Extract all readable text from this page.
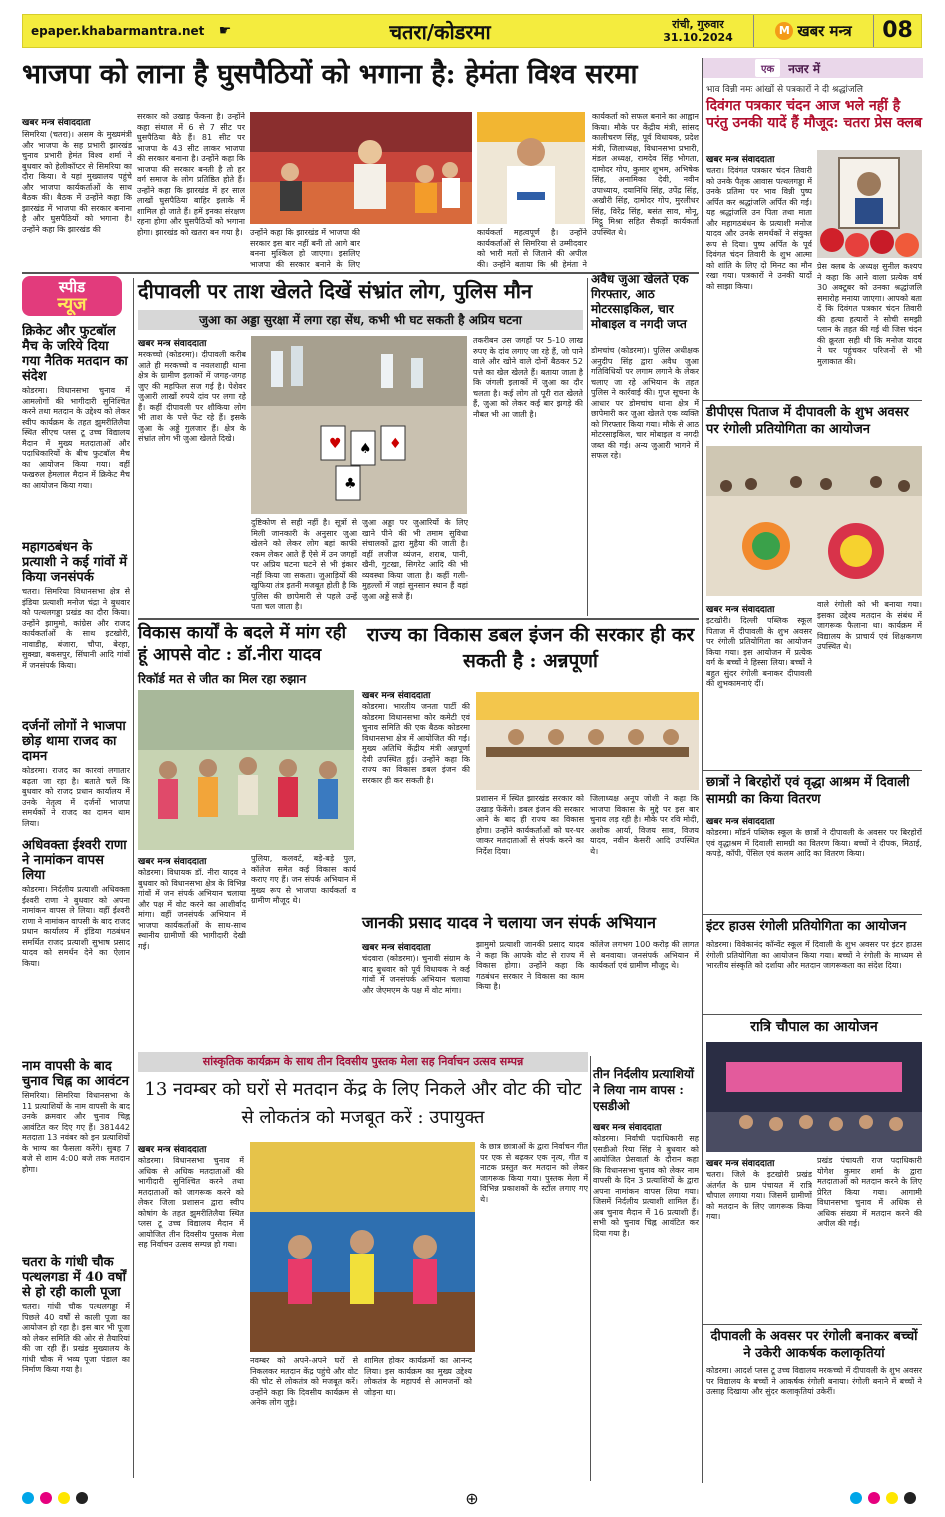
epaper.khabarmantra.net	☛	चतरा/कोडरमा	रांची, गुरुवार
31.10.2024
M खबर मन्त्र	08
भाजपा को लाना है घुसपैठियों को भगाना है: हेमंता विश्व सरमा
खबर मन्त्र संवाददाता
सिमरिया (चतरा)। असम के मुख्यमंत्री और भाजपा के सह प्रभारी झारखंड चुनाव प्रभारी हेमंत विश्व शर्मा ने बुधवार को हेलीकॉप्टर से सिमरिया का दौरा किया। वे यहां मुख्यालय पहुंचे और भाजपा कार्यकर्ताओं के साथ बैठक की। बैठक में उन्होंने कहा कि झारखंड में भाजपा की सरकार बनाना है और घुसपैठियों को भगाना है। उन्होंने कहा कि झारखंड की
सरकार को उखाड़ फेंकना है। उन्होंने कहा संथाल में 6 से 7 सीट पर घुसपैठिया बैठे हैं। 81 सीट पर भाजपा के 43 सीट लाकर भाजपा की सरकार बनाना है। उन्होंने कहा कि भाजपा की सरकार बनती है तो हर वर्ग समाज के लोग प्रतिष्ठित होते हैं। उन्होंने कहा कि झारखंड में हर साल लाखों घुसपैठिया बाहिर इलाके में शामिल हो जाते हैं। हमें इनका संरक्षण रहना होगा और घुसपैठियों को भगाना होगा। झारखंड को खतरा बन गया है। उन्होंने कहा कि झारखंड में भाजपा की सरकार इस बार नहीं बनी तो आगे बार बनना मुश्किल हो जाएगा। इसलिए भाजपा की सरकार बनाने के लिए
कार्यकर्ता महत्वपूर्ण है। उन्होंने कार्यकर्ताओं से सिमरिया से उम्मीदवार को भारी मतों से जिताने की अपील की। उन्होंने बताया कि श्री हेमंता ने
कार्यकर्ता को सफल बनाने का आह्वान किया। मौके पर केंद्रीय मंत्री, सांसद कालीचरण सिंह, पूर्व विधायक, प्रदेश मंत्री, जिलाध्यक्ष, विधानसभा प्रभारी, मंडल अध्यक्ष, रामदेव सिंह भोगता, दामोदर गोप, कुमार शुभम, अभिषेक सिंह, अनामिका देवी, नवीन उपाध्याय, दयानिधि सिंह, उपेंद्र सिंह, अखौरी सिंह, दामोदर गोप, मुरलीधर सिंह, विरेंद्र सिंह, बसंत साव, मोनू, मिट्ठू मिश्रा सहित सैकड़ों कार्यकर्ता उपस्थित थे।
एक	नजर में
भाव विन्नी नमः आंखों से पत्रकारों ने दी श्रद्धांजलि
दिवंगत पत्रकार चंदन आज भले नहीं है परंतु उनकी यादें हैं मौजूद: चतरा प्रेस क्लब
खबर मन्त्र संवाददाता
चतरा। दिवंगत पत्रकार चंदन तिवारी को उनके पैतृक आवास पत्थलगड्डा में उनके प्रतिमा पर भाव विन्नी पुष्प अर्पित कर श्रद्धांजलि अर्पित की गई। यह श्रद्धांजलि उन पिता तथा माता और महागठबंधन के प्रत्याशी मनोज यादव और उनके समर्थकों ने संयुक्त रूप से दिया। पुष्प अर्पित के पूर्व दिवंगत चंदन तिवारी के शुभ आत्मा को शांति के लिए दो मिनट का मौन रखा गया। पत्रकारों ने उनकी यादों को साझा किया।
प्रेस क्लब के अध्यक्ष सुनील कश्यप ने कहा कि आने वाला प्रत्येक वर्ष 30 अक्टूबर को उनका श्रद्धांजलि समारोह मनाया जाएगा। आपको बता दें कि दिवंगत पत्रकार चंदन तिवारी की हत्या हत्यारों ने सोची समझी प्लान के तहत की गई थी जिस चंदन की क्रूरता सही थी कि मनोज यादव ने घर पहुंचकर परिजनों से भी मुलाकात की।
स्पीड
न्यूज
क्रिकेट और फुटबॉल मैच के जरिये दिया गया नैतिक मतदान का संदेश
कोडरमा। विधानसभा चुनाव में आमलोगों की भागीदारी सुनिश्चित करने तथा मतदान के उद्देश्य को लेकर स्वीप कार्यक्रम के तहत झुमरीतिलैया स्थित सीएच प्लस टू उच्च विद्यालय मैदान में मुख्य मतदाताओं और पदाधिकारियों के बीच फुटबॉल मैच का आयोजन किया गया। वहीं फखरुल हेमलाल मैदान में क्रिकेट मैच का आयोजन किया गया।
महागठबंधन के प्रत्याशी ने कई गांवों में किया जनसंपर्क
चतरा। सिमरिया विधानसभा क्षेत्र से इंडिया प्रत्याशी मनोज चंद्रा ने बुधवार को पत्थलगड्डा प्रखंड का दौरा किया। उन्होंने झामुमो, कांग्रेस और राजद कार्यकर्ताओं के साथ इटखोरी, नावाडीह, बंजारा, चौपा, बेरहा, सुक्खा, बकसपुर, सिंघानी आदि गांवों में जनसंपर्क किया।
दर्जनों लोगों ने भाजपा छोड़ थामा राजद का दामन
कोडरमा। राजद का कारवां लगातार बढ़ता जा रहा है। बताते चलें कि बुधवार को राजद प्रधान कार्यालय में उनके नेतृत्व में दर्जनों भाजपा समर्थकों ने राजद का दामन थाम लिया।
अधिवक्ता ईश्वरी राणा ने नामांकन वापस लिया
कोडरमा। निर्दलीय प्रत्याशी अधिवक्ता ईश्वरी राणा ने बुधवार को अपना नामांकन वापस ले लिया। वहीं ईश्वरी राणा ने नामांकन वापसी के बाद राजद प्रधान कार्यालय में इंडिया गठबंधन समर्थित राजद प्रत्याशी सुभाष प्रसाद यादव को समर्थन देने का ऐलान किया।
नाम वापसी के बाद चुनाव चिह्न का आवंटन
सिमरिया। सिमरिया विधानसभा के 11 प्रत्याशियों के नाम वापसी के बाद उनके क्रमवार और चुनाव चिह्न आवंटित कर दिए गए हैं। 381442 मतदाता 13 नवंबर को इन प्रत्याशियों के भाग्य का फैसला करेंगे। सुबह 7 बजे से शाम 4:00 बजे तक मतदान होगा।
चतरा के गांधी चौक पत्थलगडा में 40 वर्षों से हो रही काली पूजा
चतरा। गांधी चौक पत्थलगड्डा में पिछले 40 वर्षों से काली पूजा का आयोजन हो रहा है। इस बार भी पूजा को लेकर समिति की ओर से तैयारियां की जा रही हैं। प्रखंड मुख्यालय के गांधी चौक में भव्य पूजा पंडाल का निर्माण किया गया है।
दीपावली पर ताश खेलते दिखें संभ्रांत लोग, पुलिस मौन
जुआ का अड्डा सुरक्षा में लगा रहा सेंध, कभी भी घट सकती है अप्रिय घटना
खबर मन्त्र संवाददाता
मरकच्चो (कोडरमा)। दीपावली करीब आते ही मरकच्चो व नवलशाही थाना क्षेत्र के ग्रामीण इलाकों में जगह-जगह जुए की महफिल सज गई है। पेशेवर जुआरी लाखों रुपये दांव पर लगा रहे हैं। कहीं दीपावली पर शौकिया लोग भी ताश के पत्ते फेंट रहे हैं। इसके जुआ के अड्डे गुलजार हैं। क्षेत्र के संभ्रांत लोग भी जुआ खेलते दिखे।	♥ ♠ ♦
♣
दुष्टिकोण से सही नहीं है। सूत्रों से मिली जानकारी के अनुसार जुआ खेलने को लेकर लोग बहां काफी रकम लेकर आते हैं ऐसे में उन जगहों पर अप्रिय घटना घटने से भी इंकार नहीं किया जा सकता। जुआड़ियों की खुफिया तंत्र इतनी मजबूत होती है कि पुलिस की छापेमारी से पहले उन्हें पता चल जाता है।
जुआ अड्डा पर जुआरियों के लिए खाने पीने की भी तमाम सुविधा संचालकों द्वारा मुहैया की जाती है। वहीं लजीज व्यंजन, शराब, पानी, खैनी, गुटखा, सिगरेट आदि की भी व्यवस्था किया जाता है। कहीं गली-मुहल्लों में जहां सुनसान स्थान हैं वहां जुआ अड्डे सजे हैं।
तकरीबन उस जगहों पर 5-10 लाख रुपए के दांव लगाए जा रहे हैं, जो पाने वाले और खोने वाले दोनों बैठकर 52 पत्ते का खेल खेलते हैं। बताया जाता है कि जंगली इलाकों में जुआ का दौर चलता है। कई लोग तो पूरी रात खेलते हैं, जुआ को लेकर कई बार झगड़े की नौबत भी आ जाती है।
अवैध जुआ खेलते एक गिरफ्तार, आठ मोटरसाइकिल, चार मोबाइल व नगदी जप्त
डोमचांच (कोडरमा)। पुलिस अधीक्षक अनुदीप सिंह द्वारा अवैध जुआ गतिविधियों पर लगाम लगाने के लेकर चलाए जा रहे अभियान के तहत पुलिस ने कार्रवाई की। गुप्त सूचना के आधार पर डोमचांच थाना क्षेत्र में छापेमारी कर जुआ खेलते एक व्यक्ति को गिरफ्तार किया गया। मौके से आठ मोटरसाइकिल, चार मोबाइल व नगदी जब्त की गई। अन्य जुआरी भागने में सफल रहे।
डीपीएस पिताज में दीपावली के शुभ अवसर पर रंगोली प्रतियोगिता का आयोजन
खबर मन्त्र संवाददाता
इटखोरी। दिल्ली पब्लिक स्कूल पिताज में दीपावली के शुभ अवसर पर रंगोली प्रतियोगिता का आयोजन किया गया। इस आयोजन में प्रत्येक वर्ग के बच्चों ने हिस्सा लिया। बच्चों ने बहुत सुंदर रंगोली बनाकर दीपावली की शुभकामनाएं दीं।
वाले रंगोली को भी बनाया गया। इसका उद्देश्य मतदान के संबंध में जागरूक फैलाना था। कार्यक्रम में विद्यालय के प्राचार्य एवं शिक्षकगण उपस्थित थे।
छात्रों ने बिरहोरों एवं वृद्धा आश्रम में दिवाली सामग्री का किया वितरण
खबर मन्त्र संवाददाता
कोडरमा। मॉडर्न पब्लिक स्कूल के छात्रों ने दीपावली के अवसर पर बिरहोरों एवं वृद्धाश्रम में दिवाली सामग्री का वितरण किया। बच्चों ने दीपक, मिठाई, कपड़े, कॉपी, पेंसिल एवं कलम आदि का वितरण किया।
इंटर हाउस रंगोली प्रतियोगिता का आयोजन
कोडरमा। विवेकानंद कॉन्वेंट स्कूल में दिवाली के शुभ अवसर पर इंटर हाउस रंगोली प्रतियोगिता का आयोजन किया गया। बच्चों ने रंगोली के माध्यम से भारतीय संस्कृति को दर्शाया और मतदान जागरूकता का संदेश दिया।
रात्रि चौपाल का आयोजन
खबर मन्त्र संवाददाता
चतरा। जिले के इटखोरी प्रखंड अंतर्गत के ग्राम पंचायत में रात्रि चौपाल लगाया गया। जिसमें ग्रामीणों को मतदान के लिए जागरूक किया गया।
प्रखंड पंचायती राज पदाधिकारी योगेश कुमार शर्मा के द्वारा मतदाताओं को मतदान करने के लिए प्रेरित किया गया। आगामी विधानसभा चुनाव में अधिक से अधिक संख्या में मतदान करने की अपील की गई।
दीपावली के अवसर पर रंगोली बनाकर बच्चों ने उकेरी आकर्षक कलाकृतियां
कोडरमा। आदर्श प्लस टू उच्च विद्यालय मरकच्चो में दीपावली के शुभ अवसर पर विद्यालय के बच्चों ने आकर्षक रंगोली बनाया। रंगोली बनाने में बच्चों ने उत्साह दिखाया और सुंदर कलाकृतियां उकेरीं।
विकास कार्यों के बदले में मांग रही हूं आपसे वोट : डॉ.नीरा यादव
रिकॉर्ड मत से जीत का मिल रहा रुझान
खबर मन्त्र संवाददाता
कोडरमा। विधायक डॉ. नीरा यादव ने बुधवार को विधानसभा क्षेत्र के विभिन्न गांवों में जन संपर्क अभियान चलाया और पक्ष में वोट करने का आशीर्वाद मांगा। वहीं जनसंपर्क अभियान में भाजपा कार्यकर्ताओं के साथ-साथ स्थानीय ग्रामीणों की भागीदारी देखी गई।
पुलिया, कलवर्ट, बड़े-बड़े पुल, कॉलेज समेत कई विकास कार्य कराए गए हैं। जन संपर्क अभियान में मुख्य रूप से भाजपा कार्यकर्ता व ग्रामीण मौजूद थे।
राज्य का विकास डबल इंजन की सरकार ही कर सकती है : अन्नपूर्णा
खबर मन्त्र संवाददाता
कोडरमा। भारतीय जनता पार्टी की कोडरमा विधानसभा कोर कमेटी एवं चुनाव समिति की एक बैठक कोडरमा विधानसभा क्षेत्र में आयोजित की गई। मुख्य अतिथि केंद्रीय मंत्री अन्नपूर्णा देवी उपस्थित हुई। उन्होंने कहा कि राज्य का विकास डबल इंजन की सरकार ही कर सकती है।
प्रशासन में स्थित झारखंड सरकार को उखाड़ फेंकेंगे। डबल इंजन की सरकार आने के बाद ही राज्य का विकास होगा। उन्होंने कार्यकर्ताओं को घर-घर जाकर मतदाताओं से संपर्क करने का निर्देश दिया।
जिलाध्यक्ष अनूप जोशी ने कहा कि भाजपा विकास के मुद्दे पर इस बार चुनाव लड़ रही है। मौके पर रवि मोदी, अशोक आर्या, विजय साव, विजय यादव, नवीन केसरी आदि उपस्थित थे।
जानकी प्रसाद यादव ने चलाया जन संपर्क अभियान
खबर मन्त्र संवाददाता
चंदवारा (कोडरमा)। चुनावी संग्राम के बाद बुधवार को पूर्व विधायक ने कई गांवों में जनसंपर्क अभियान चलाया और जेएमएम के पक्ष में वोट मांगा।
झामुमो प्रत्याशी जानकी प्रसाद यादव ने कहा कि आपके वोट से राज्य में विकास होगा। उन्होंने कहा कि गठबंधन सरकार ने विकास का काम किया है।
कॉलेज लगभग 100 करोड़ की लागत से बनवाया। जनसंपर्क अभियान में कार्यकर्ता एवं ग्रामीण मौजूद थे।
सांस्कृतिक कार्यक्रम के साथ तीन दिवसीय पुस्तक मेला सह निर्वाचन उत्सव सम्पन्न
13 नवम्बर को घरों से मतदान केंद्र के लिए निकले और वोट की चोट से लोकतंत्र को मजबूत करें : उपायुक्त
खबर मन्त्र संवाददाता
कोडरमा। विधानसभा चुनाव में अधिक से अधिक मतदाताओं की भागीदारी सुनिश्चित करने तथा मतदाताओं को जागरूक करने को लेकर जिला प्रशासन द्वारा स्वीप कोषांग के तहत झुमरीतिलैया स्थित प्लस टू उच्च विद्यालय मैदान में आयोजित तीन दिवसीय पुस्तक मेला सह निर्वाचन उत्सव सम्पन्न हो गया।
नवम्बर को अपने-अपने घरों से निकलकर मतदान केंद्र पहुंचे और वोट की चोट से लोकतंत्र को मजबूत करें। उन्होंने कहा कि दिवसीय कार्यक्रम से अनेक लोग जुड़े।
शामिल होकर कार्यक्रमों का आनन्द लिया। इस कार्यक्रम का मुख्य उद्देश्य लोकतंत्र के महापर्व से आमजनों को जोड़ना था।
के छात्र छात्राओं के द्वारा निर्वाचन गीत पर एक से बढ़कर एक नृत्य, गीत व नाटक प्रस्तुत कर मतदान को लेकर जागरूक किया गया। पुस्तक मेला में विभिन्न प्रकाशकों के स्टॉल लगाए गए थे।
तीन निर्दलीय प्रत्याशियों ने लिया नाम वापस : एसडीओ
खबर मन्त्र संवाददाता
कोडरमा। निर्वाची पदाधिकारी सह एसडीओ रिया सिंह ने बुधवार को आयोजित प्रेसवार्ता के दौरान कहा कि विधानसभा चुनाव को लेकर नाम वापसी के दिन 3 प्रत्याशियों के द्वारा अपना नामांकन वापस लिया गया। जिसमें निर्दलीय प्रत्याशी शामिल हैं। अब चुनाव मैदान में 16 प्रत्याशी हैं। सभी को चुनाव चिह्न आवंटित कर दिया गया है।
⊕
